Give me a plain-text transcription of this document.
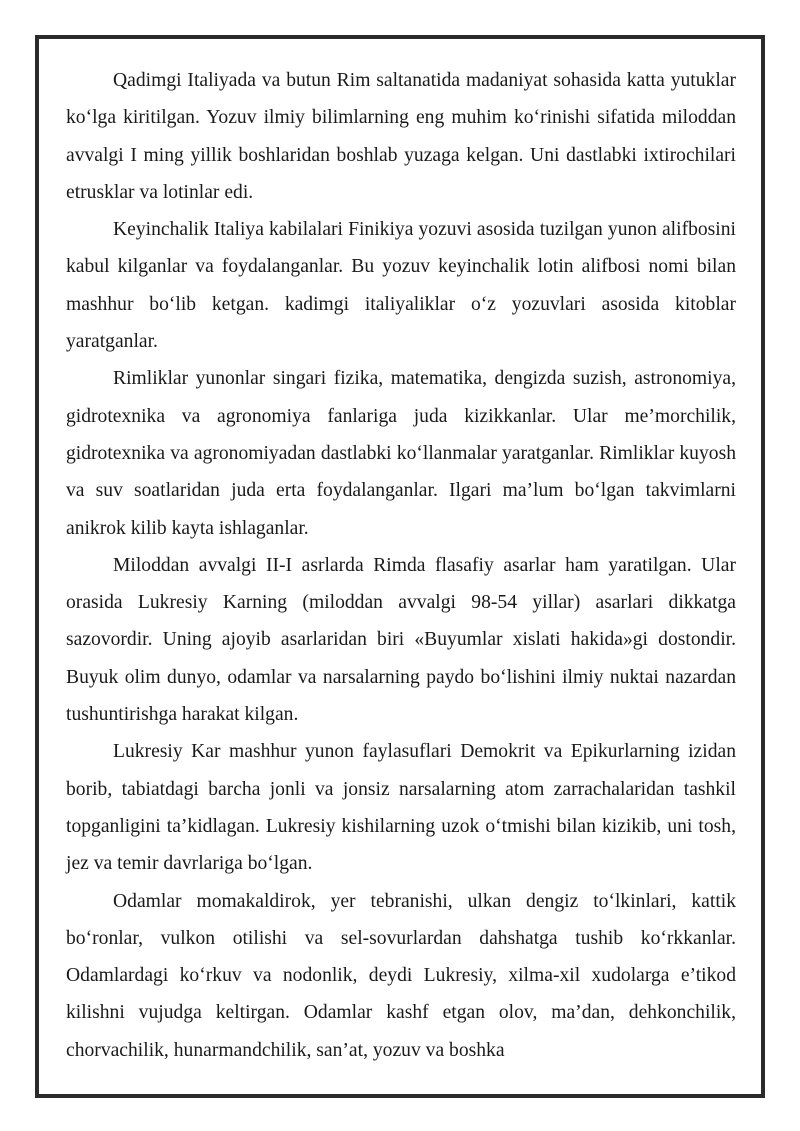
Qadimgi Italiyada va butun Rim saltanatida madaniyat sohasida katta yutuklar ko‘lga kiritilgan. Yozuv ilmiy bilimlarning eng muhim ko‘rinishi sifatida miloddan avvalgi I ming yillik boshlaridan boshlab yuzaga kelgan. Uni dastlabki ixtirochilari etrusklar va lotinlar edi.

Keyinchalik Italiya kabilalari Finikiya yozuvi asosida tuzilgan yunon alifbosini kabul kilganlar va foydalanganlar. Bu yozuv keyinchalik lotin alifbosi nomi bilan mashhur bo‘lib ketgan. kadimgi italiyaliklar o‘z yozuvlari asosida kitoblar yaratganlar.

Rimliklar yunonlar singari fizika, matematika, dengizda suzish, astronomiya, gidrotexnika va agronomiya fanlariga juda kizikkanlar. Ular me’morchilik, gidrotexnika va agronomiyadan dastlabki ko‘llanmalar yaratganlar. Rimliklar kuyosh va suv soatlaridan juda erta foydalanganlar. Ilgari ma’lum bo‘lgan takvimlarni anikrok kilib kayta ishlaganlar.

Miloddan avvalgi II-I asrlarda Rimda flasafiy asarlar ham yaratilgan. Ular orasida Lukresiy Karning (miloddan avvalgi 98-54 yillar) asarlari dikkatga sazovordir. Uning ajoyib asarlaridan biri «Buyumlar xislati hakida»gi dostondir. Buyuk olim dunyo, odamlar va narsalarning paydo bo‘lishini ilmiy nuktai nazardan tushuntirishga harakat kilgan.

Lukresiy Kar mashhur yunon faylasuflari Demokrit va Epikurlarning izidan borib, tabiatdagi barcha jonli va jonsiz narsalarning atom zarrachalaridan tashkil topganligini ta’kidlagan. Lukresiy kishilarning uzok o‘tmishi bilan kizikib, uni tosh, jez va temir davrlariga bo‘lgan.

Odamlar momakaldirok, yer tebranishi, ulkan dengiz to‘lkinlari, kattik bo‘ronlar, vulkon otilishi va sel-sovurlardan dahshatga tushib ko‘rkkanlar. Odamlardagi ko‘rkuv va nodonlik, deydi Lukresiy, xilma-xil xudolarga e’tikod kilishni vujudga keltirgan. Odamlar kashf etgan olov, ma’dan, dehkonchilik, chorvachilik, hunarmandchilik, san’at, yozuv va boshka
